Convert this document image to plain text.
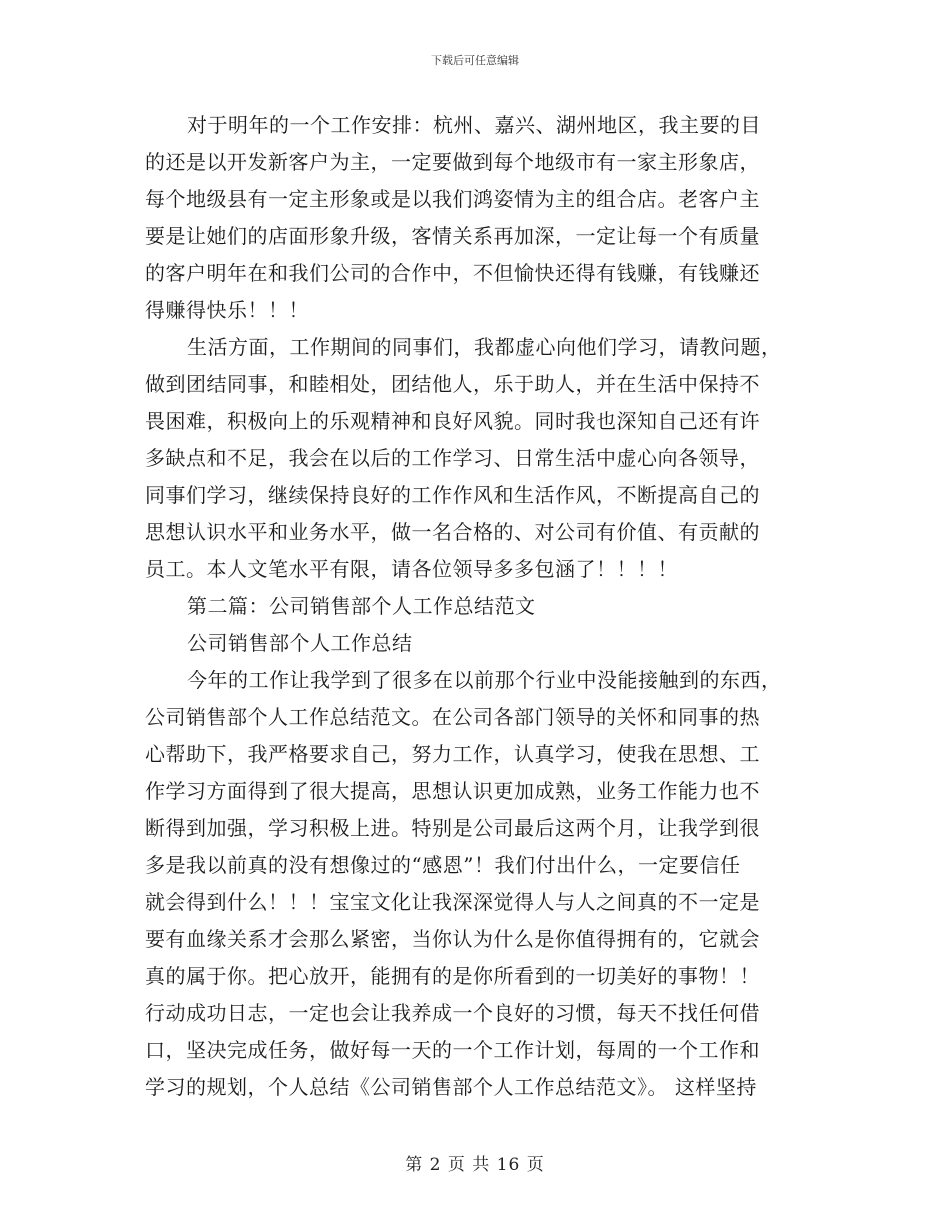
下载后可任意编辑
对于明年的一个工作安排：杭州、嘉兴、湖州地区，我主要的目
的还是以开发新客户为主，一定要做到每个地级市有一家主形象店，
每个地级县有一定主形象或是以我们鸿姿情为主的组合店。老客户主
要是让她们的店面形象升级，客情关系再加深，一定让每一个有质量
的客户明年在和我们公司的合作中，不但愉快还得有钱赚，有钱赚还
得赚得快乐！！！
生活方面，工作期间的同事们，我都虚心向他们学习，请教问题，
做到团结同事，和睦相处，团结他人，乐于助人，并在生活中保持不
畏困难，积极向上的乐观精神和良好风貌。同时我也深知自己还有许
多缺点和不足，我会在以后的工作学习、日常生活中虚心向各领导，
同事们学习，继续保持良好的工作作风和生活作风，不断提高自己的
思想认识水平和业务水平，做一名合格的、对公司有价值、有贡献的
员工。本人文笔水平有限，请各位领导多多包涵了！！！！
第二篇：公司销售部个人工作总结范文
公司销售部个人工作总结
今年的工作让我学到了很多在以前那个行业中没能接触到的东西，
公司销售部个人工作总结范文。在公司各部门领导的关怀和同事的热
心帮助下，我严格要求自己，努力工作，认真学习，使我在思想、工
作学习方面得到了很大提高，思想认识更加成熟，业务工作能力也不
断得到加强，学习积极上进。特别是公司最后这两个月，让我学到很
多是我以前真的没有想像过的“感恩”！我们付出什么，一定要信任
就会得到什么！！！宝宝文化让我深深觉得人与人之间真的不一定是
要有血缘关系才会那么紧密，当你认为什么是你值得拥有的，它就会
真的属于你。把心放开，能拥有的是你所看到的一切美好的事物！！
行动成功日志，一定也会让我养成一个良好的习惯，每天不找任何借
口，坚决完成任务，做好每一天的一个工作计划，每周的一个工作和
学习的规划，个人总结《公司销售部个人工作总结范文》。 这样坚持
第 2 页 共 16 页
